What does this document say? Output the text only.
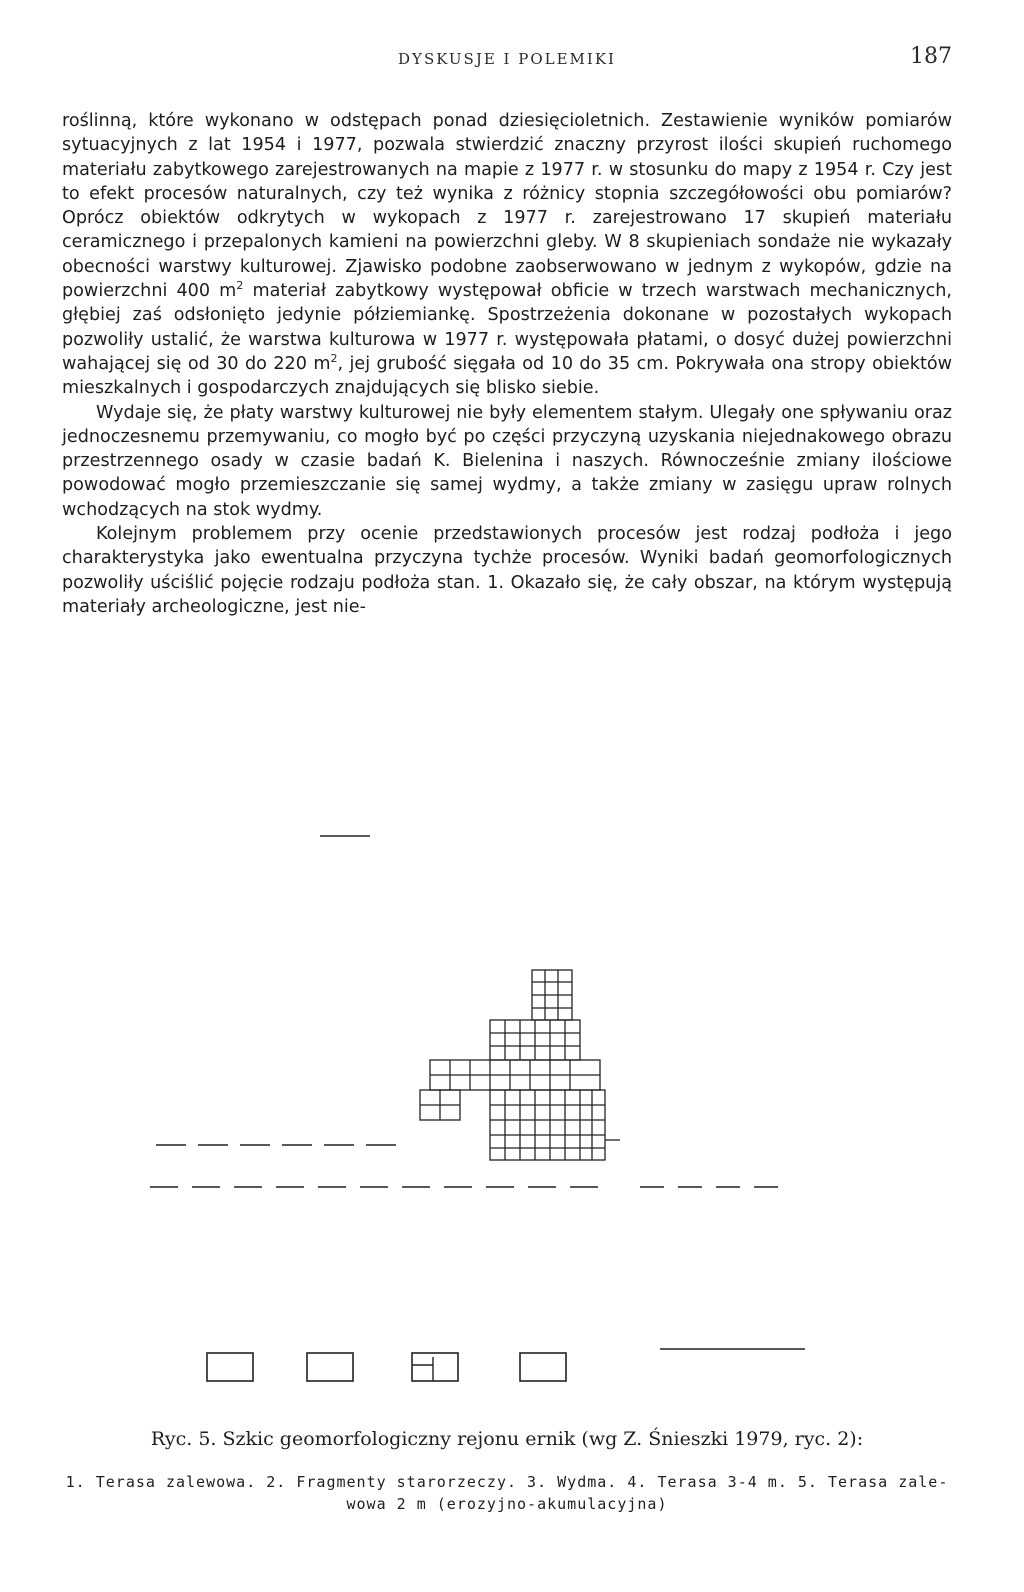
DYSKUSJE I POLEMIKI	187

roślinną, które wykonano w odstępach ponad dziesięcioletnich. Zestawienie wyników pomiarów sytuacyjnych z lat 1954 i 1977, pozwala stwierdzić znaczny przyrost ilości skupień ruchomego materiału zabytkowego zarejestrowanych na mapie z 1977 r. w stosunku do mapy z 1954 r. Czy jest to efekt procesów naturalnych, czy też wynika z różnicy stopnia szczegółowości obu pomiarów? Oprócz obiektów odkrytych w wykopach z 1977 r. zarejestrowano 17 skupień materiału ceramicznego i przepalonych kamieni na powierzchni gleby. W 8 skupieniach sondaże nie wykazały obecności warstwy kulturowej. Zjawisko podobne zaobserwowano w jednym z wykopów, gdzie na powierzchni 400 $m^2$ materiał zabytkowy występował obficie w trzech warstwach mechanicznych, głębiej zaś odsłonięto jedynie półziemiankę. Spostrzeżenia dokonane w pozostałych wykopach pozwoliły ustalić, że warstwa kulturowa w 1977 r. występowała płatami, o dosyć dużej powierzchni wahającej się od 30 do 220 $m^2$, jej grubość sięgała od 10 do 35 cm. Pokrywała ona stropy obiektów mieszkalnych i gospodarczych znajdujących się blisko siebie.

Wydaje się, że płaty warstwy kulturowej nie były elementem stałym. Ulegały one spływaniu oraz jednoczesnemu przemywaniu, co mogło być po części przyczyną uzyskania niejednakowego obrazu przestrzennego osady w czasie badań K. Bielenina i naszych. Równocześnie zmiany ilościowe powodować mogło przemieszczanie się samej wydmy, a także zmiany w zasięgu upraw rolnych wchodzących na stok wydmy.

Kolejnym problemem przy ocenie przedstawionych procesów jest rodzaj podłoża i jego charakterystyka jako ewentualna przyczyna tychże procesów. Wyniki badań geomorfologicznych pozwoliły uściślić pojęcie rodzaju podłoża stan. 1. Okazało się, że cały obszar, na którym występują materiały archeologiczne, jest nie-

Ryc. 5. Szkic geomorfologiczny rejonu ernik (wg Z. Śnieszki 1979, ryc. 2):
1. Terasa zalewowa. 2. Fragmenty starorzeczy. 3. Wydma. 4. Terasa 3-4 m. 5. Terasa zale-
wowa 2 m (erozyjno-akumulacyjna)
